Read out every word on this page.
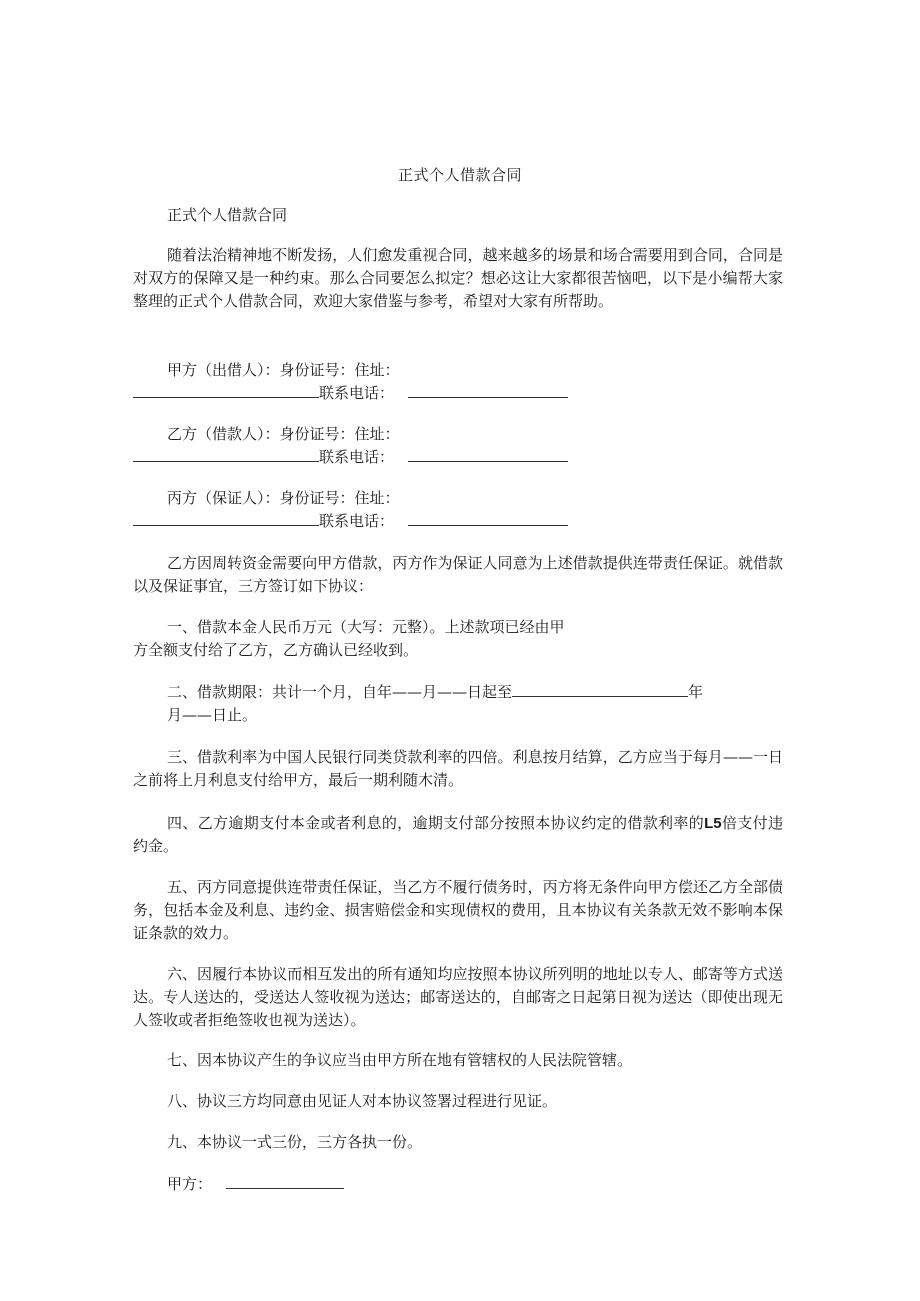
正式个人借款合同

正式个人借款合同

随着法治精神地不断发扬，人们愈发重视合同，越来越多的场景和场合需要用到合同，合同是对双方的保障又是一种约束。那么合同要怎么拟定？想必这让大家都很苦恼吧，以下是小编帮大家整理的正式个人借款合同，欢迎大家借鉴与参考，希望对大家有所帮助。

甲方（出借人）：身份证号：住址：
联系电话：

乙方（借款人）：身份证号：住址：
联系电话：

丙方（保证人）：身份证号：住址：
联系电话：

乙方因周转资金需要向甲方借款，丙方作为保证人同意为上述借款提供连带责任保证。就借款以及保证事宜，三方签订如下协议：

一、借款本金人民币万元（大写：元整）。上述款项已经由甲
方全额支付给了乙方，乙方确认已经收到。

二、借款期限：共计一个月，自年——月——日起至	年
月——日止。

三、借款利率为中国人民银行同类贷款利率的四倍。利息按月结算，乙方应当于每月——一日之前将上月利息支付给甲方，最后一期利随木清。

四、乙方逾期支付本金或者利息的，逾期支付部分按照本协议约定的借款利率的L5倍支付违约金。

五、丙方同意提供连带责任保证，当乙方不履行债务时，丙方将无条件向甲方偿还乙方全部债务，包括本金及利息、违约金、损害赔偿金和实现债权的费用，且本协议有关条款无效不影响本保证条款的效力。

六、因履行本协议而相互发出的所有通知均应按照本协议所列明的地址以专人、邮寄等方式送达。专人送达的，受送达人签收视为送达；邮寄送达的，自邮寄之日起第日视为送达（即使出现无人签收或者拒绝签收也视为送达）。

七、因本协议产生的争议应当由甲方所在地有管辖权的人民法院管辖。

八、协议三方均同意由见证人对本协议签署过程进行见证。

九、本协议一式三份，三方各执一份。

甲方：
